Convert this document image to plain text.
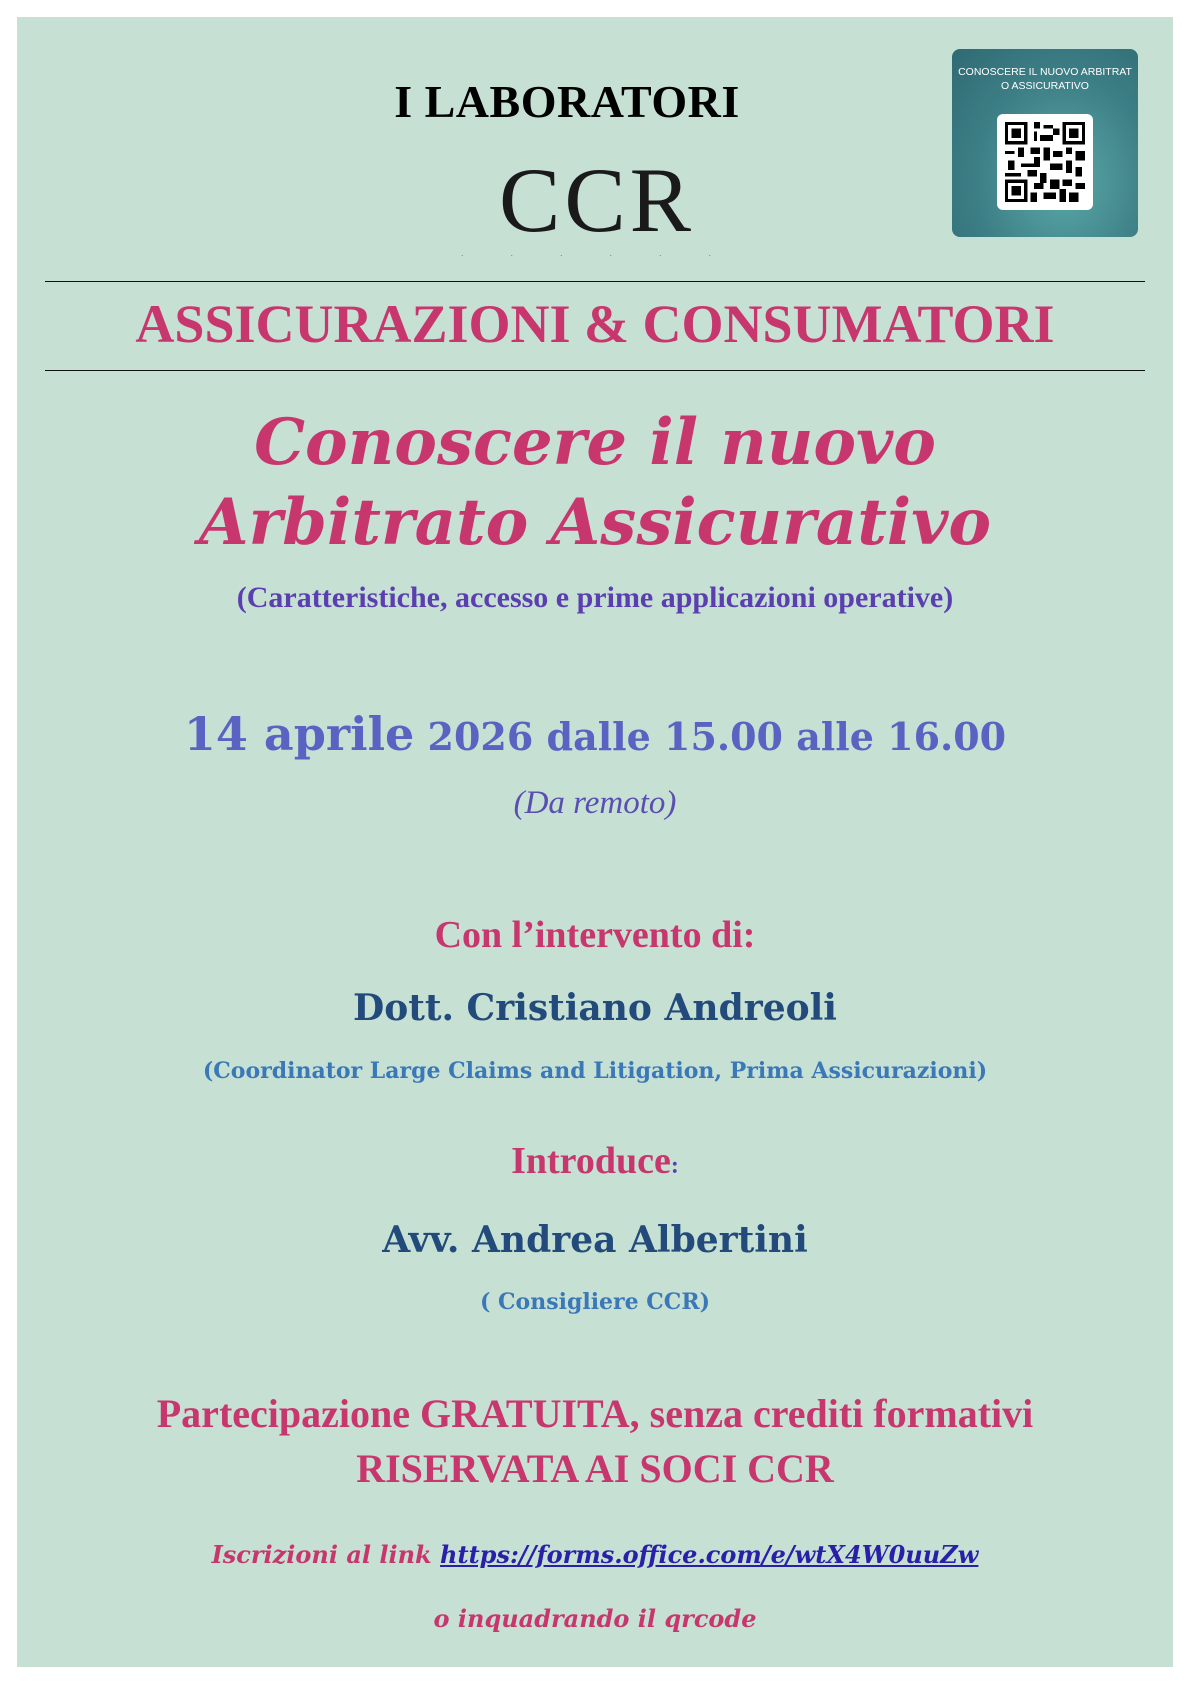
I LABORATORI
CCR
· · · · · ·
CONOSCERE IL NUOVO ARBITRAT O ASSICURATIVO
ASSICURAZIONI & CONSUMATORI
Conoscere il nuovo
Arbitrato Assicurativo
(Caratteristiche, accesso e prime applicazioni operative)
14 aprile 2026 dalle 15.00 alle 16.00
(Da remoto)
Con l’intervento di:
Dott. Cristiano Andreoli
(Coordinator Large Claims and Litigation, Prima Assicurazioni)
Introduce:
Avv. Andrea Albertini
( Consigliere CCR)
Partecipazione GRATUITA, senza crediti formativi
RISERVATA AI SOCI CCR
Iscrizioni al link https://forms.office.com/e/wtX4W0uuZw
o inquadrando il qrcode
